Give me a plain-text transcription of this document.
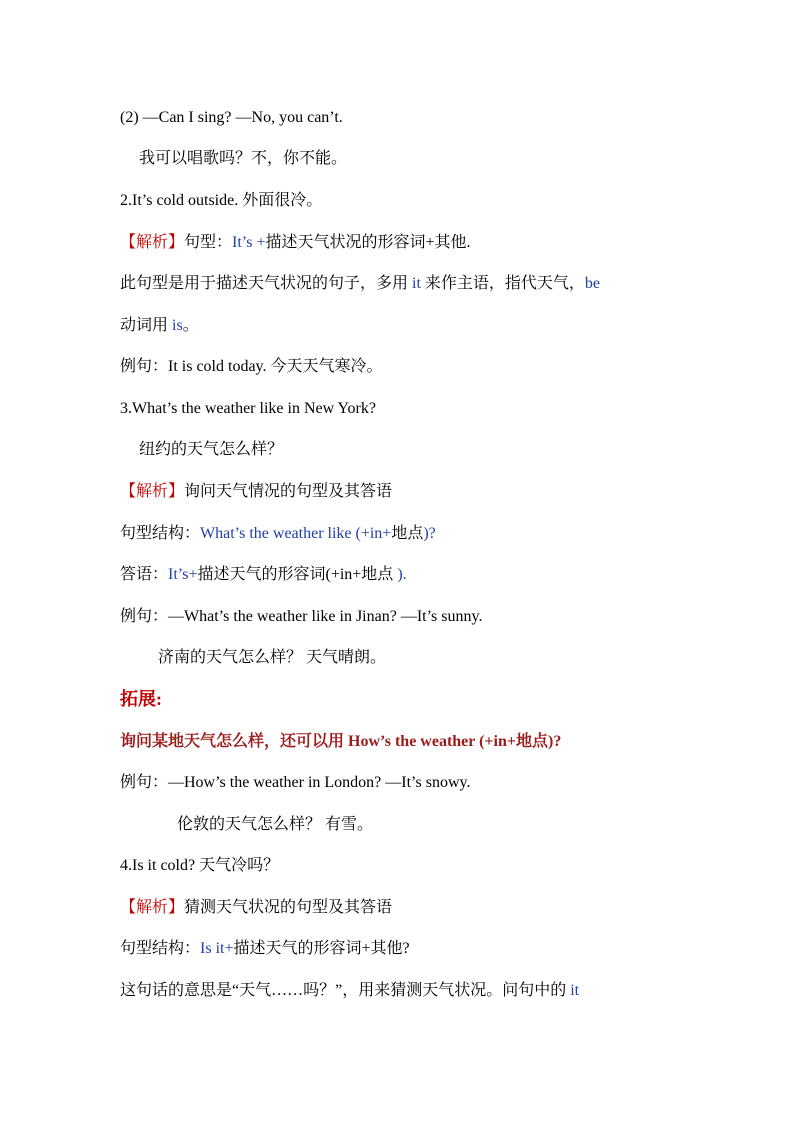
(2) —Can I sing? —No, you can’t.
我可以唱歌吗？不，你不能。
2.It’s cold outside. 外面很冷。
【解析】句型：It’s +描述天气状况的形容词+其他.
此句型是用于描述天气状况的句子，多用 it 来作主语，指代天气，be
动词用 is。
例句：It is cold today. 今天天气寒冷。
3.What’s the weather like in New York?
纽约的天气怎么样？
【解析】询问天气情况的句型及其答语
句型结构：What’s the weather like (+in+地点)?
答语：It’s+描述天气的形容词(+in+地点 ).
例句：—What’s the weather like in Jinan? —It’s sunny.
济南的天气怎么样？ 天气晴朗。
拓展:
询问某地天气怎么样，还可以用 How’s the weather (+in+地点)?
例句：—How’s the weather in London? —It’s snowy.
伦敦的天气怎么样？ 有雪。
4.Is it cold? 天气冷吗？
【解析】猜测天气状况的句型及其答语
句型结构：Is it+描述天气的形容词+其他?
这句话的意思是“天气……吗？”，用来猜测天气状况。问句中的 it
